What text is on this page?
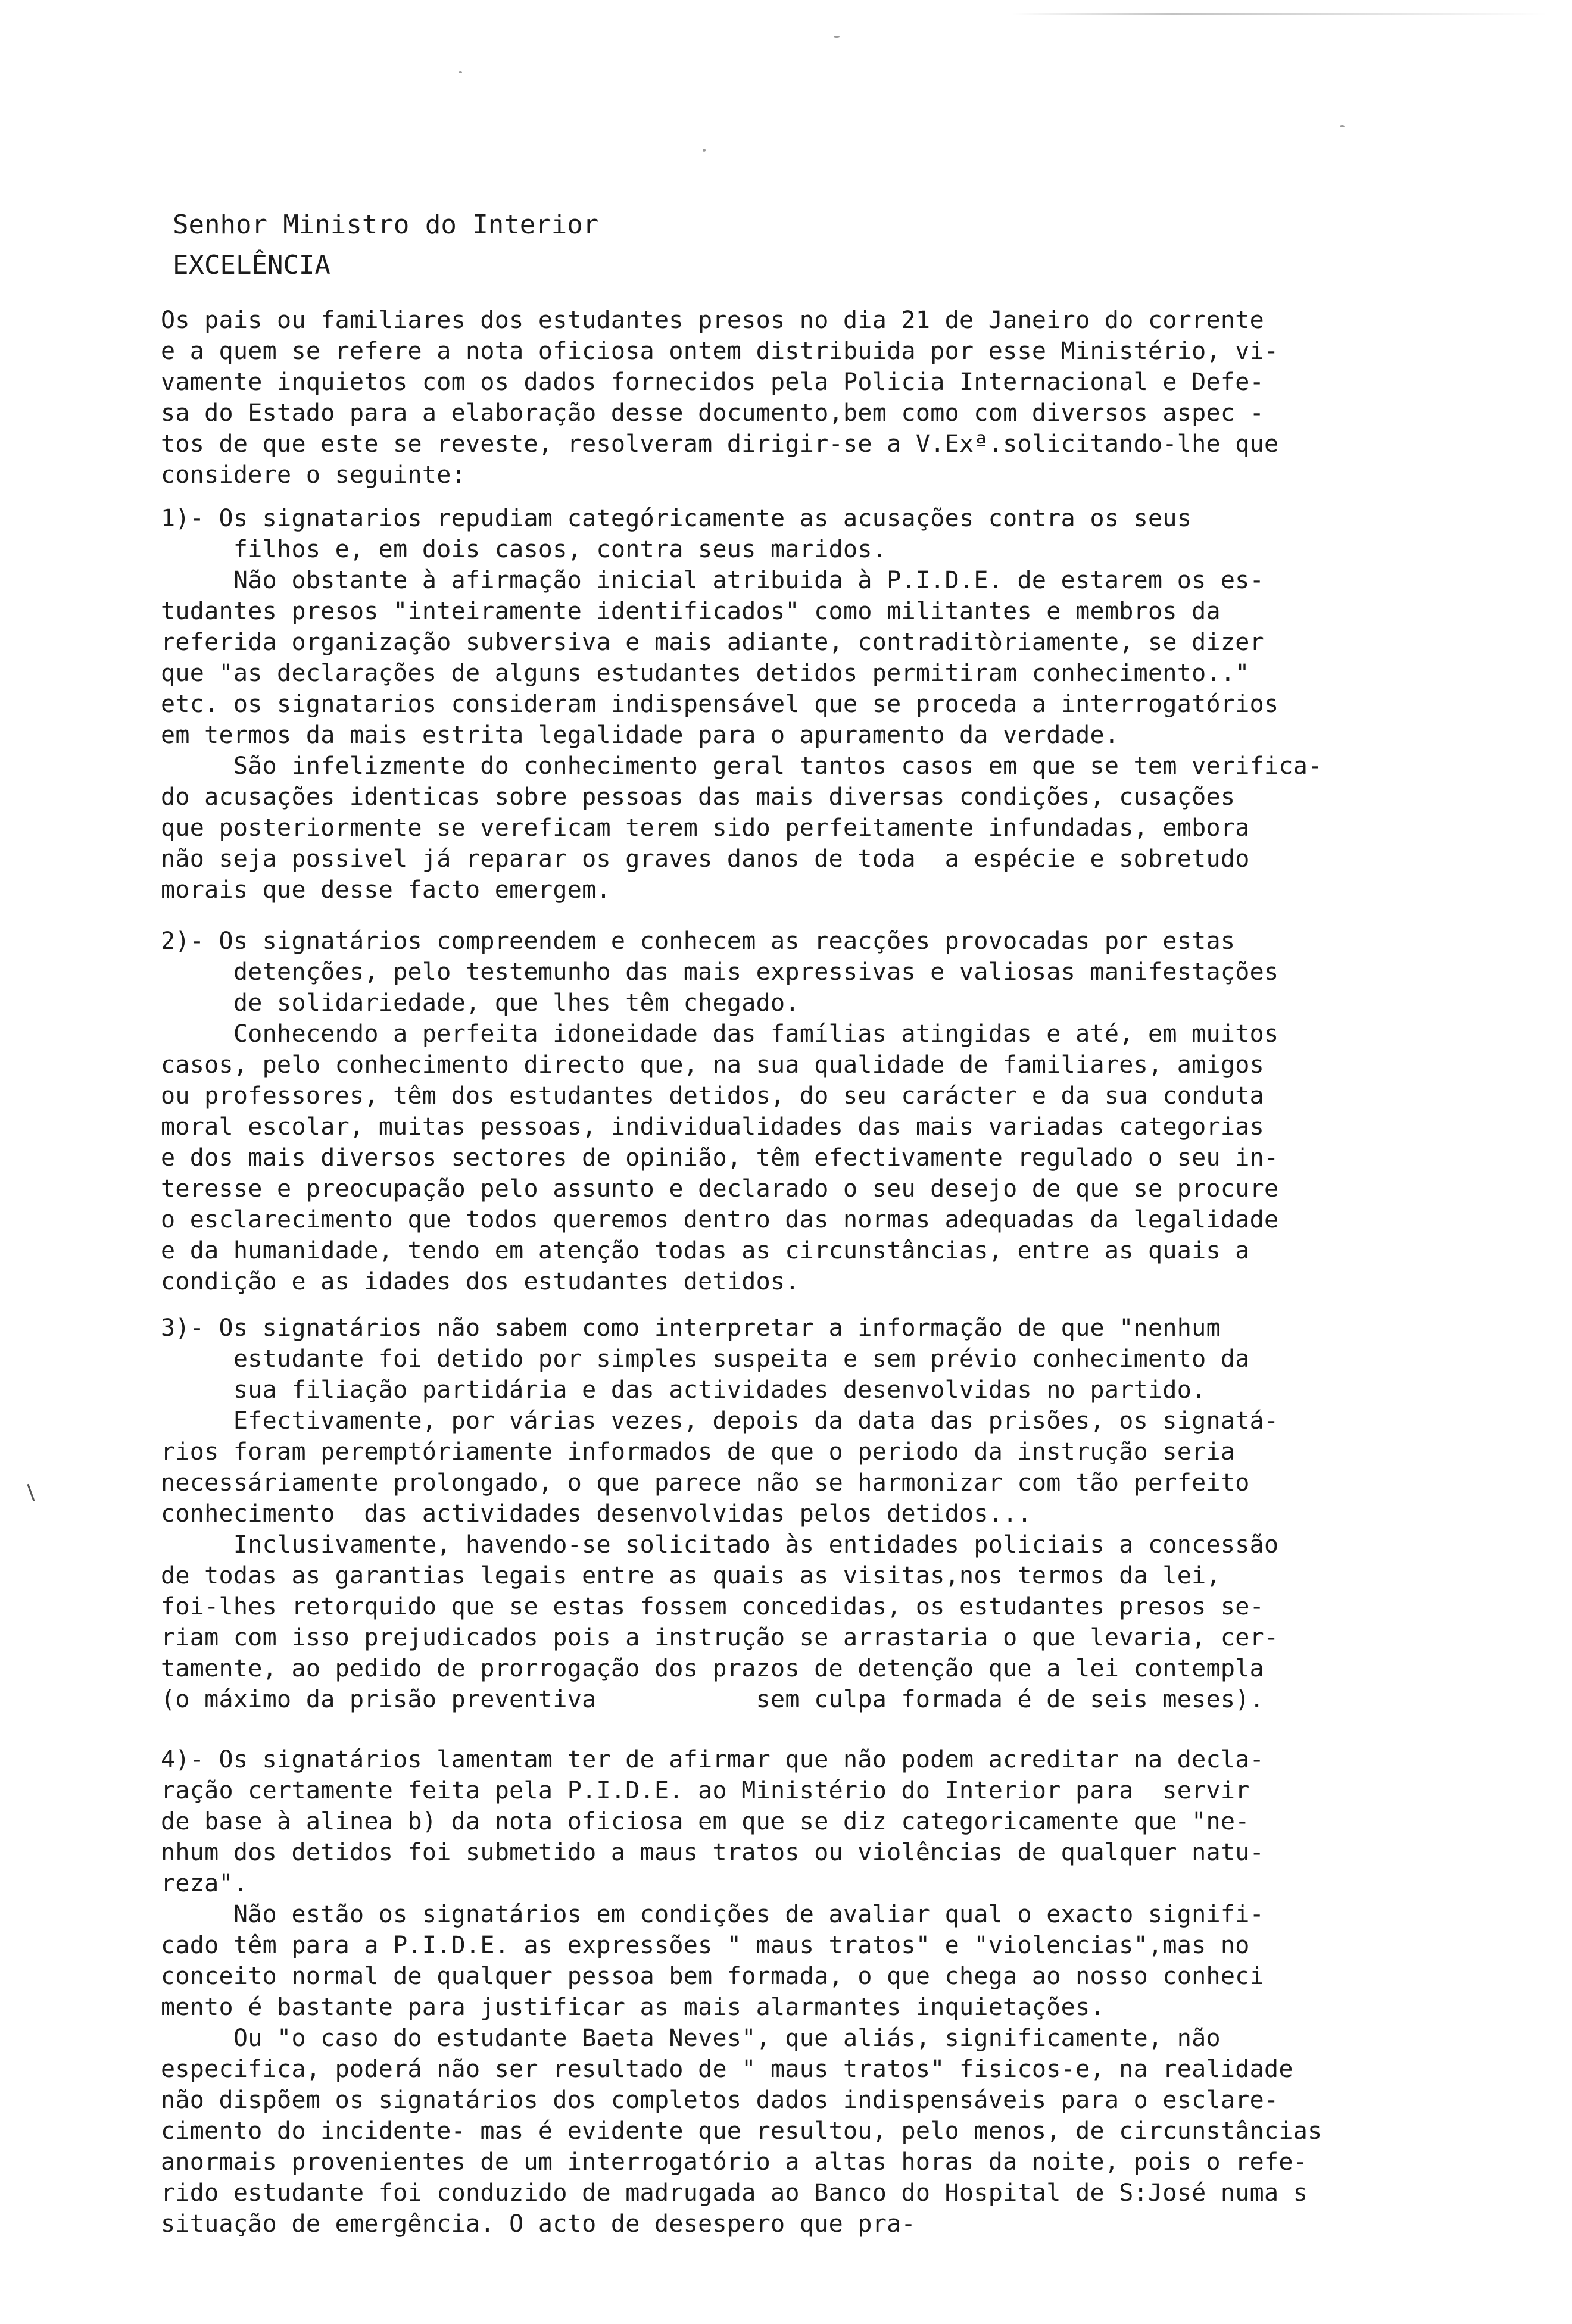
Senhor Ministro do Interior
EXCELÊNCIA
Os pais ou familiares dos estudantes presos no dia 21 de Janeiro do corrente
e a quem se refere a nota oficiosa ontem distribuida por esse Ministério, vi-
vamente inquietos com os dados fornecidos pela Policia Internacional e Defe-
sa do Estado para a elaboração desse documento,bem como com diversos aspec -
tos de que este se reveste, resolveram dirigir-se a V.Exª.solicitando-lhe que
considere o seguinte:
1)- Os signatarios repudiam categóricamente as acusações contra os seus
filhos e, em dois casos, contra seus maridos.
Não obstante à afirmação inicial atribuida à P.I.D.E. de estarem os es-
tudantes presos "inteiramente identificados" como militantes e membros da
referida organização subversiva e mais adiante, contraditòriamente, se dizer
que "as declarações de alguns estudantes detidos permitiram conhecimento.."
etc. os signatarios consideram indispensável que se proceda a interrogatórios
em termos da mais estrita legalidade para o apuramento da verdade.
São infelizmente do conhecimento geral tantos casos em que se tem verifica-
do acusações identicas sobre pessoas das mais diversas condições, cusações
que posteriormente se vereficam terem sido perfeitamente infundadas, embora
não seja possivel já reparar os graves danos de toda  a espécie e sobretudo
morais que desse facto emergem.
2)- Os signatários compreendem e conhecem as reacções provocadas por estas
detenções, pelo testemunho das mais expressivas e valiosas manifestações
de solidariedade, que lhes têm chegado.
Conhecendo a perfeita idoneidade das famílias atingidas e até, em muitos
casos, pelo conhecimento directo que, na sua qualidade de familiares, amigos
ou professores, têm dos estudantes detidos, do seu carácter e da sua conduta
moral escolar, muitas pessoas, individualidades das mais variadas categorias
e dos mais diversos sectores de opinião, têm efectivamente regulado o seu in-
teresse e preocupação pelo assunto e declarado o seu desejo de que se procure
o esclarecimento que todos queremos dentro das normas adequadas da legalidade
e da humanidade, tendo em atenção todas as circunstâncias, entre as quais a
condição e as idades dos estudantes detidos.
3)- Os signatários não sabem como interpretar a informação de que "nenhum
estudante foi detido por simples suspeita e sem prévio conhecimento da
sua filiação partidária e das actividades desenvolvidas no partido.
Efectivamente, por várias vezes, depois da data das prisões, os signatá-
rios foram peremptóriamente informados de que o periodo da instrução seria
necessáriamente prolongado, o que parece não se harmonizar com tão perfeito
conhecimento  das actividades desenvolvidas pelos detidos...
Inclusivamente, havendo-se solicitado às entidades policiais a concessão
de todas as garantias legais entre as quais as visitas,nos termos da lei,
foi-lhes retorquido que se estas fossem concedidas, os estudantes presos se-
riam com isso prejudicados pois a instrução se arrastaria o que levaria, cer-
tamente, ao pedido de prorrogação dos prazos de detenção que a lei contempla
(o máximo da prisão preventiva           sem culpa formada é de seis meses).
4)- Os signatários lamentam ter de afirmar que não podem acreditar na decla-
ração certamente feita pela P.I.D.E. ao Ministério do Interior para  servir
de base à alinea b) da nota oficiosa em que se diz categoricamente que "ne-
nhum dos detidos foi submetido a maus tratos ou violências de qualquer natu-
reza".
Não estão os signatários em condições de avaliar qual o exacto signifi-
cado têm para a P.I.D.E. as expressões " maus tratos" e "violencias",mas no
conceito normal de qualquer pessoa bem formada, o que chega ao nosso conheci
mento é bastante para justificar as mais alarmantes inquietações.
Ou "o caso do estudante Baeta Neves", que aliás, significamente, não
especifica, poderá não ser resultado de " maus tratos" fisicos-e, na realidade
não dispõem os signatários dos completos dados indispensáveis para o esclare-
cimento do incidente- mas é evidente que resultou, pelo menos, de circunstâncias
anormais provenientes de um interrogatório a altas horas da noite, pois o refe-
rido estudante foi conduzido de madrugada ao Banco do Hospital de S:José numa s
situação de emergência. O acto de desespero que pra-
